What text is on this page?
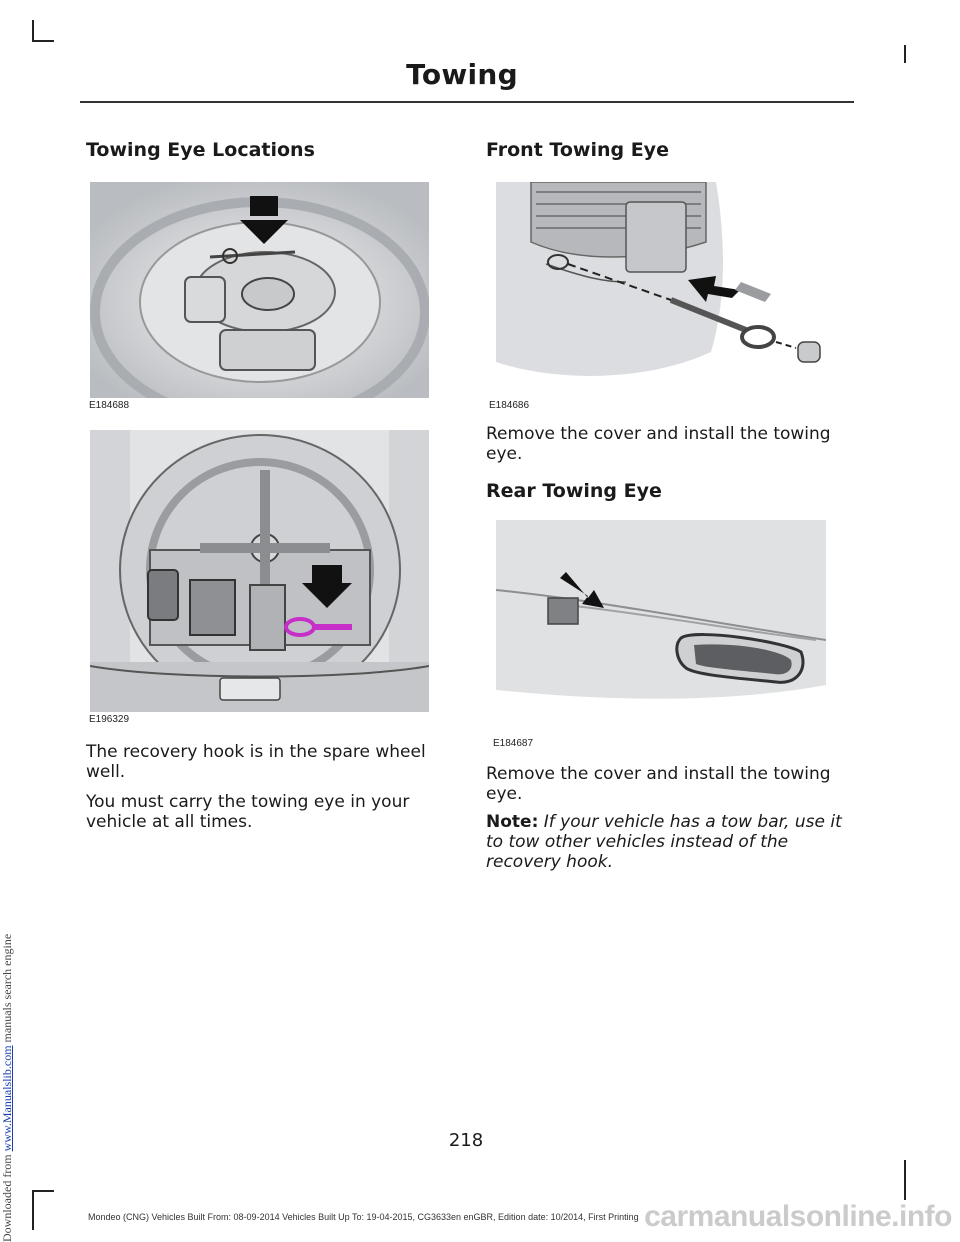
Towing
Towing Eye Locations
E184688
E196329

The recovery hook is in the spare wheel well.

You must carry the towing eye in your vehicle at all times.

Front Towing Eye
E184686

Remove the cover and install the towing eye.

Rear Towing Eye
E184687

Remove the cover and install the towing eye.

Note: If your vehicle has a tow bar, use it to tow other vehicles instead of the recovery hook.

218
Mondeo (CNG) Vehicles Built From: 08-09-2014 Vehicles Built Up To: 19-04-2015, CG3633en enGBR, Edition date: 10/2014, First Printing
Downloaded from www.Manualslib.com manuals search engine
carmanualsonline.info
